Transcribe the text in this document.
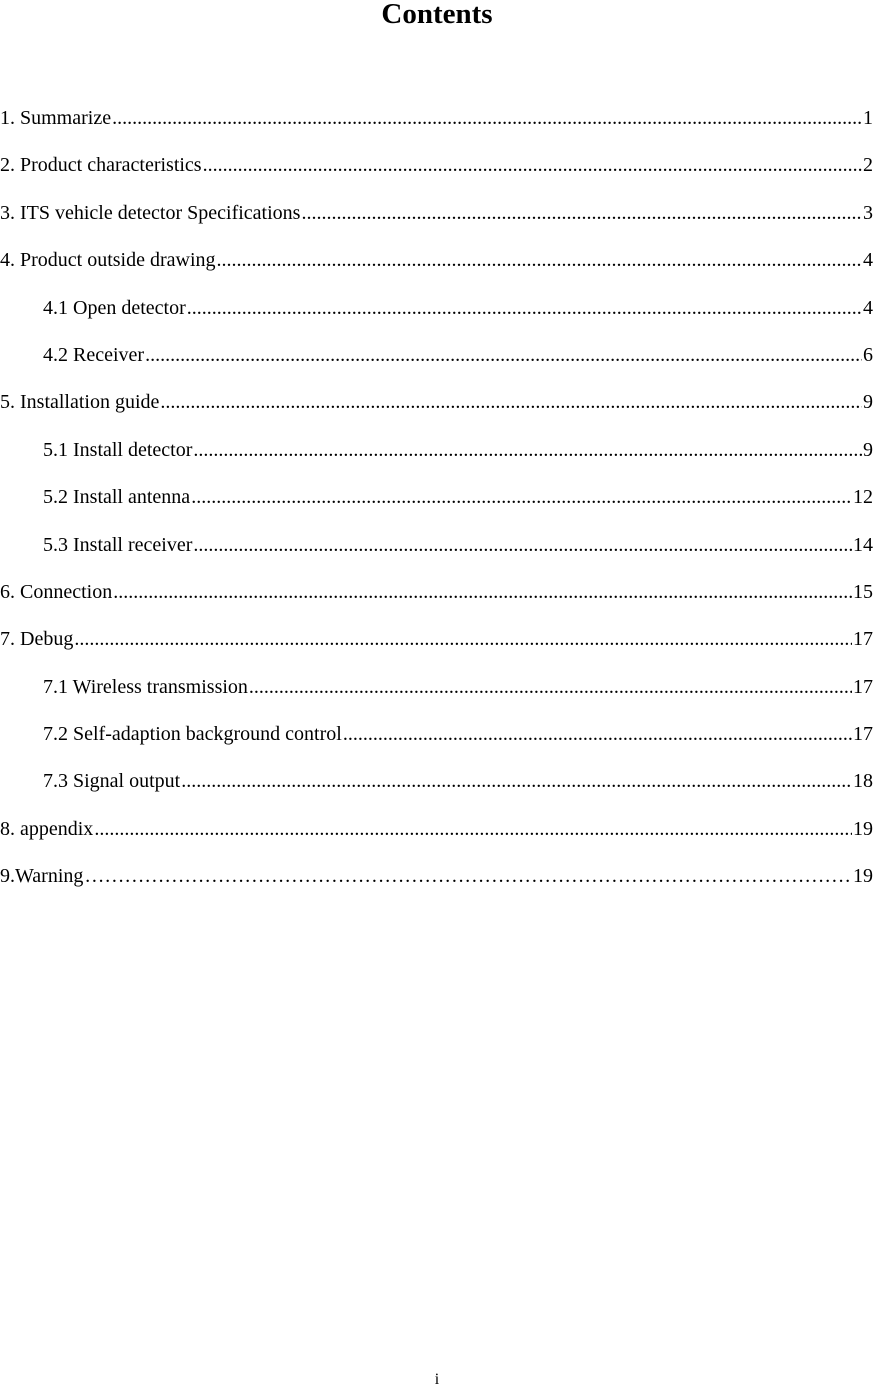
Contents
1. Summarize .....	1
2. Product characteristics .....	2
3. ITS vehicle detector Specifications .....	3
4. Product outside drawing .....	4
4.1 Open detector .....	4
4.2 Receiver .....	6
5. Installation guide .....	9
5.1 Install detector .....	9
5.2 Install antenna .....	12
5.3 Install receiver .....	14
6. Connection .....	15
7. Debug .....	17
7.1 Wireless transmission .....	17
7.2 Self-adaption background control .....	17
7.3 Signal output .....	18
8. appendix .....	19
9.Warning ……………………………………………………………………………………………………………………………………………………………………………………………………	19
i
